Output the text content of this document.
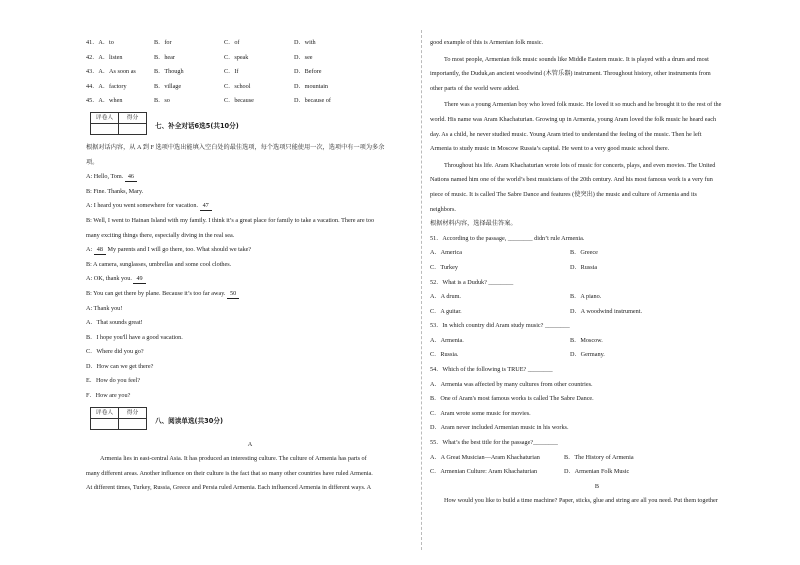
41．A．to	B．for	C．of	D．with
42．A．listen	B．hear	C．speak	D．see
43．A．As soon as	B．Though	C．If	D．Before
44．A．factory	B．village	C．school	D．mountain
45．A．when	B．so	C．because	D．because of
评卷人	得分

七、补全对话6选5(共10分)
根据对话内容，从 A 到 F 选项中选出能填入空白处的最佳选项，每个选项只能使用一次，选项中有一项为多余
项。
A: Hello, Tom. 46
B: Fine. Thanks, Mary.
A: I heard you went somewhere for vacation. 47
B: Well, I went to Hainan Island with my family. I think it’s a great place for family to take a vacation. There are too
many exciting things there, especially diving in the real sea.
A: 48 My parents and I will go there, too. What should we take?
B: A camera, sunglasses, umbrellas and some cool clothes.
A: OK, thank you. 49
B: You can get there by plane. Because it’s too far away. 50
A: Thank you!
A．That sounds great!
B．I hope you'll have a good vacation.
C．Where did you go?
D．How can we get there?
E．How do you feel?
F．How are you?
评卷人	得分

八、阅读单选(共30分)
A
Armenia lies in east-central Asia. It has produced an interesting culture. The culture of Armenia has parts of
many different areas. Another influence on their culture is the fact that so many other countries have ruled Armenia.
At different times, Turkey, Russia, Greece and Persia ruled Armenia. Each influenced Armenia in different ways. A
good example of this is Armenian folk music.
To most people, Armenian folk music sounds like Middle Eastern music. It is played with a drum and most
importantly, the Duduk,an ancient woodwind (木管乐器) instrument. Throughout history, other instruments from
other parts of the world were added.
There was a young Armenian boy who loved folk music. He loved it so much and he brought it to the rest of the
world. His name was Aram Khachaturian. Growing up in Armenia, young Aram loved the folk music he heard each
day. As a child, he never studied music. Young Aram tried to understand the feeling of the music. Then he left
Armenia to study music in Moscow Russia’s capital. He went to a very good music school there.
Throughout his life. Aram Khachaturian wrote lots of music for concerts, plays, and even movies. The United
Nations named him one of the world’s best musicians of the 20th century. And his most famous work is a very fun
piece of music. It is called The Sabre Dance and features (使突出) the music and culture of Armenia and its
neighbors.
根据材料内容，选择最佳答案。
51．According to the passage, ________ didn’t rule Armenia.
A．America	B．Greece
C．Turkey	D．Russia
52．What is a Duduk? ________
A．A drum.	B．A piano.
C．A guitar.	D．A woodwind instrument.
53．In which country did Aram study music? ________
A．Armenia.	B．Moscow.
C．Russia.	D．Germany.
54．Which of the following is TRUE? ________
A．Armenia was affected by many cultures from other countries.
B．One of Aram's most famous works is called The Sabre Dance.
C．Aram wrote some music for movies.
D．Aram never included Armenian music in his works.
55．What’s the best title for the passage?________
A．A Great Musician—Aram Khachaturian	B．The History of Armenia
C．Armenian Culture: Aram Khachaturian	D．Armenian Folk Music
B
How would you like to build a time machine? Paper, sticks, glue and string are all you need. Put them together
